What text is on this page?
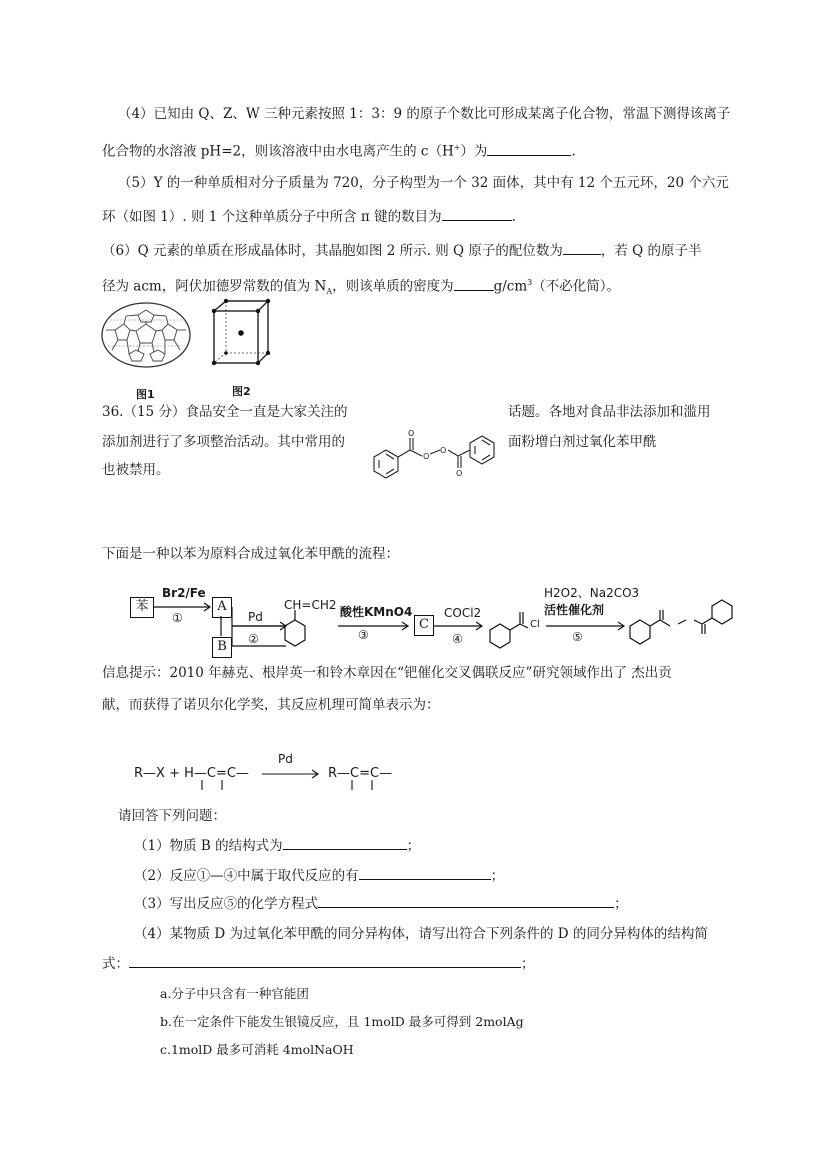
（4）已知由 Q、Z、W 三种元素按照 1：3：9 的原子个数比可形成某离子化合物，常温下测得该离子
化合物的水溶液 pH=2，则该溶液中由水电离产生的 c（H+）为	.
（5）Y 的一种单质相对分子质量为 720，分子构型为一个 32 面体，其中有 12 个五元环，20 个六元
环（如图 1）. 则 1 个这种单质分子中所含 π 键的数目为	.
（6）Q 元素的单质在形成晶体时，其晶胞如图 2 所示. 则 Q 原子的配位数为	，若 Q 的原子半
径为 acm，阿伏加德罗常数的值为 $N_A$，则该单质的密度为	$g/cm^3$（不必化简）。
图1	图2
36.（15 分）食品安全一直是大家关注的	话题。各地对食品非法添加和滥用
添加剂进行了多项整治活动。其中常用的	面粉增白剂过氧化苯甲酰
也被禁用。
O
O
O
O
下面是一种以苯为原料合成过氧化苯甲酰的流程：
苯
Br2/Fe
①
A
B
Pd
②
CH=CH2 酸性KMnO4
③
C
COCl2
④
Cl
H2O2、Na2CO3
活性催化剂
⑤
信息提示：2010 年赫克、根岸英一和铃木章因在“钯催化交叉偶联反应”研究领域作出了 杰出贡
献，而获得了诺贝尔化学奖，其反应机理可简单表示为：
R—X + H—C=C—
Pd
R—C=C—
请回答下列问题：
（1）物质 B 的结构式为	；
（2）反应①—④中属于取代反应的有	；
（3）写出反应⑤的化学方程式	；
（4）某物质 D 为过氧化苯甲酰的同分异构体，请写出符合下列条件的 D 的同分异构体的结构简
式：	；
a.分子中只含有一种官能团
b.在一定条件下能发生银镜反应，且 1molD 最多可得到 2molAg
c.1molD 最多可消耗 4molNaOH
